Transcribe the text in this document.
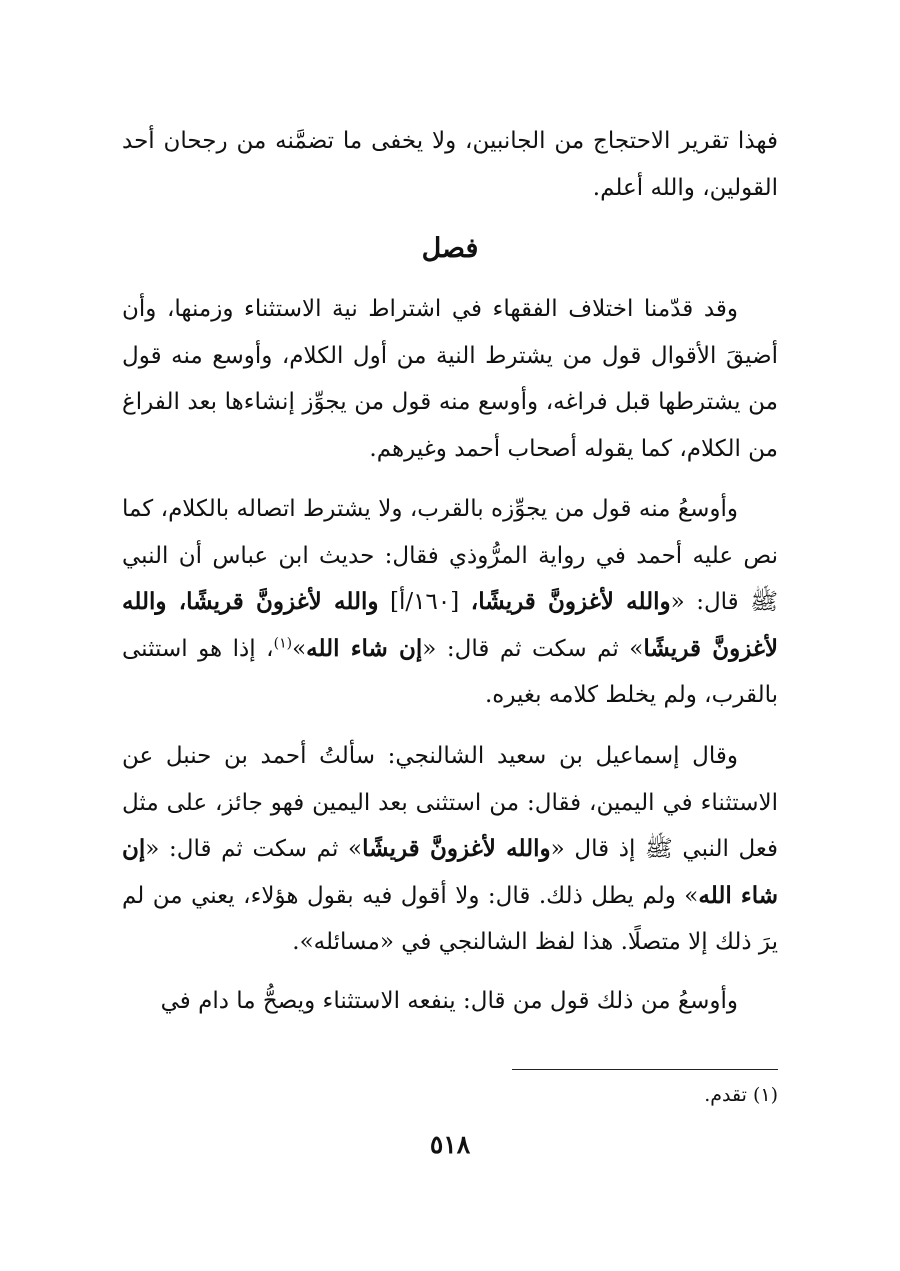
فهذا تقرير الاحتجاج من الجانبين، ولا يخفى ما تضمَّنه من رجحان أحد القولين، والله أعلم.

فصل

وقد قدّمنا اختلاف الفقهاء في اشتراط نية الاستثناء وزمنها، وأن أضيقَ الأقوال قول من يشترط النية من أول الكلام، وأوسع منه قول من يشترطها قبل فراغه، وأوسع منه قول من يجوِّز إنشاءها بعد الفراغ من الكلام، كما يقوله أصحاب أحمد وغيرهم.

وأوسعُ منه قول من يجوِّزه بالقرب، ولا يشترط اتصاله بالكلام، كما نص عليه أحمد في رواية المرُّوذي فقال: حديث ابن عباس أن النبي ﷺ قال: «والله لأغزونَّ قريشًا، [١٦٠/أ] والله لأغزونَّ قريشًا، والله لأغزونَّ قريشًا» ثم سكت ثم قال: «إن شاء الله»$^{(١)}$، إذا هو استثنى بالقرب، ولم يخلط كلامه بغيره.

وقال إسماعيل بن سعيد الشالنجي: سألتُ أحمد بن حنبل عن الاستثناء في اليمين، فقال: من استثنى بعد اليمين فهو جائز، على مثل فعل النبي ﷺ إذ قال «والله لأغزونَّ قريشًا» ثم سكت ثم قال: «إن شاء الله» ولم يطل ذلك. قال: ولا أقول فيه بقول هؤلاء، يعني من لم يرَ ذلك إلا متصلًا. هذا لفظ الشالنجي في «مسائله».

وأوسعُ من ذلك قول من قال: ينفعه الاستثناء ويصحُّ ما دام في

(١) تقدم.

٥١٨
